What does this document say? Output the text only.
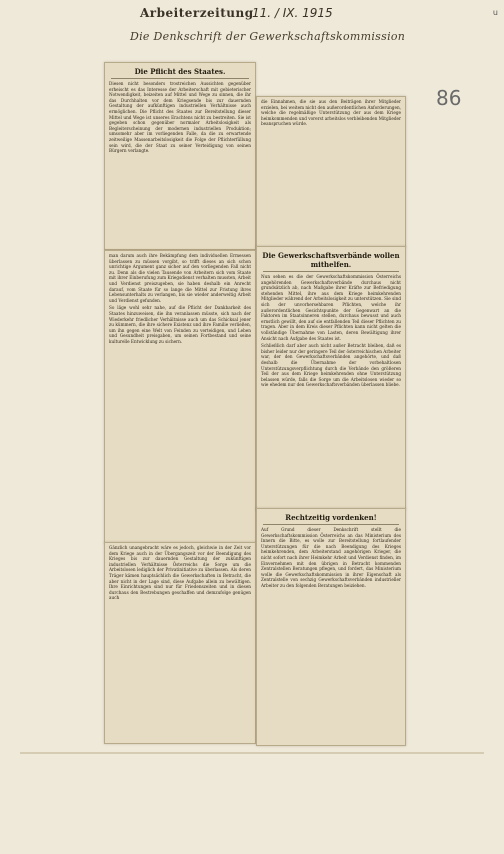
Arbeiterzeitung
11. / IX. 1915	u
Die Denkschrift der Gewerkschaftskommission
86
Die Pflicht des Staates.

Diesen nicht besonders trostreichen Aussichten gegenüber erheischt es das Interesse der Arbeiterschaft mit gebieterischer Notwendigkeit, beizeiten auf Mittel und Wege zu sinnen, die ihr das Durchhalten vor dem Kriegsende bis zur dauernden Gestaltung der aufkünftigen industriellen Verhältnisse auch ermöglichen. Die Pflicht des Staates zur Bereitstellung dieser Mittel und Wege ist unseres Erachtens nicht zu bestreiten. Sie ist gegeben schon gegenüber normaler Arbeitslosigkeit als Begleiterscheinung der modernen industriellen Produktion; umsomehr aber im vorliegenden Falle, da die zu erwartende zeitweilige Massenarbeitslosigkeit die Folge der Pflichterfüllung sein wird, die der Staat zu seiner Verteidigung von seinen Bürgern verlangte.

man darum auch ihre Bekämpfung dem individuellen Ermessen überlassen zu müssen vorgibt, so trifft dieses an sich schon unrichtige Argument ganz sicher auf den vorliegenden Fall nicht zu. Denn als die vielen Tausende von Arbeitern sich vom Staate mit ihrer Einberufung zum Kriegsdienst verhalten mussten, Arbeit und Verdienst preiszugeben, sie haben deshalb ein Anrecht darauf, vom Staate für so lange die Mittel zur Fristung ihres Lebensunterhalts zu verlangen, bis sie wieder anderweitig Arbeit und Verdienst gefunden.

So läge wohl sehr nahe, auf die Pflicht der Dankbarkeit des Staates hinzuweisen, die ihn veranlassen müsste, sich nach der Wiederkehr friedlicher Verhältnisse auch um das Schicksal jener zu kümmern, die ihre sichere Existenz und ihre Familie verließen, um ihn gegen eine Welt von Feinden zu verteidigen, und Leben und Gesundheit preisgaben, um seinen Fortbestand und seine kulturelle Entwicklung zu sichern.

Gänzlich unangebracht wäre es jedoch, gleichwie in der Zeit vor dem Kriege auch in der Übergangszeit vor der Beendigung des Krieges bis zur dauernden Gestaltung der zukünftigen industriellen Verhältnisse Österreichs die Sorge um die Arbeitslosen lediglich der Privatinitiative zu überlassen. Als deren Träger kämen hauptsächlich die Gewerkschaften in Betracht, die aber nicht in der Lage sind, diese Aufgabe allein zu bewältigen. Ihre Einrichtungen sind nur für Friedenszeiten und in diesen durchaus den Bestrebungen geschaffen und demzufolge genügen auch

die Einnahmen, die sie aus den Beiträgen ihrer Mitglieder erzielen, bei weitem nicht den außerordentlichen Anforderungen, welche die regelmäßige Unterstützung der aus dem Kriege heimkommenden und vorerst arbeitslos verbleibenden Mitglieder beanspruchen würde.

Die Gewerkschaftsverbände wollen mithelfen.

Nun sehen es die der Gewerkschaftskommission Österreichs angehörenden Gewerkschaftsverbände durchaus nicht grundsätzlich ab, nach Maßgabe ihrer Kräfte zur Befriedigung stehenden Mittel, ihre aus dem Kriege heimkehrenden Mitglieder während der Arbeitslosigkeit zu unterstützen. Sie sind sich der unvorhersehbaren Pflichten, welche ihr außerordentlichen Gesichtspunkte der Gegenwart an die Faktoren im Staatsinneren stellen, durchaus bewusst und auch ernstlich gewillt, den auf sie entfallenden Teil dieser Pflichten zu tragen. Aber in dem Kreis dieser Pflichten kann nicht gelten die vollständige Übernahme von Lasten, deren Bewältigung ihrer Ansicht nach Aufgabe des Staates ist.

Schließlich darf aber auch nicht außer Betracht bleiben, daß es bisher leider nur der geringere Teil der österreichischen Arbeiter war, der den Gewerkschaftsverbänden angehörte, und daß deshalb die Übernahme der vorbehaltlosen Unterstützungsverpflichtung durch die Verbände den größeren Teil der aus dem Kriege heimkehrenden ohne Unterstützung belassen würde, falls die Sorge um die Arbeitslosen wieder so wie ehedem nur den Gewerkschaftsverbänden überlassen bliebe.

Rechtzeitig vordenken!

Auf Grund dieser Denkschrift stellt die Gewerkschaftskommission Österreichs an das Ministerium des Innern die Bitte, es wolle zur Bereitstellung fortlaufender Unterstützungen für die nach Beendigung des Krieges heimkehrenden, dem Arbeiterstand angehörigen Krieger, die nicht sofort nach ihrer Heimkehr Arbeit und Verdienst finden, im Einvernehmen mit den übrigen in Betracht kommenden Zentralstellen Beratungen pflegen, und fordert, das Ministerium wolle die Gewerkschaftskommission in ihrer Eigenschaft als Zentralstelle von sechzig Gewerkschaftsverbänden industrieller Arbeiter zu den folgenden Beratungen beiziehen.
